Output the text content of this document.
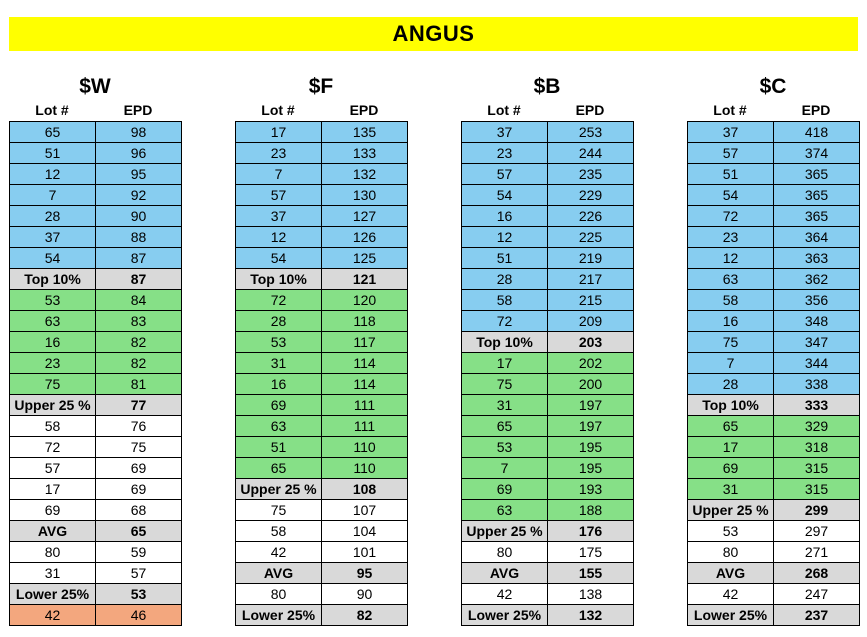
ANGUS
$W
Lot #	EPD
65	98
51	96
12	95
7	92
28	90
37	88
54	87
Top 10%	87
53	84
63	83
16	82
23	82
75	81
Upper 25 %	77
58	76
72	75
57	69
17	69
69	68
AVG	65
80	59
31	57
Lower 25%	53
42	46
$F
Lot #	EPD
17	135
23	133
7	132
57	130
37	127
12	126
54	125
Top 10%	121
72	120
28	118
53	117
31	114
16	114
69	111
63	111
51	110
65	110
Upper 25 %	108
75	107
58	104
42	101
AVG	95
80	90
Lower 25%	82
$B
Lot #	EPD
37	253
23	244
57	235
54	229
16	226
12	225
51	219
28	217
58	215
72	209
Top 10%	203
17	202
75	200
31	197
65	197
53	195
7	195
69	193
63	188
Upper 25 %	176
80	175
AVG	155
42	138
Lower 25%	132
$C
Lot #	EPD
37	418
57	374
51	365
54	365
72	365
23	364
12	363
63	362
58	356
16	348
75	347
7	344
28	338
Top 10%	333
65	329
17	318
69	315
31	315
Upper 25 %	299
53	297
80	271
AVG	268
42	247
Lower 25%	237
